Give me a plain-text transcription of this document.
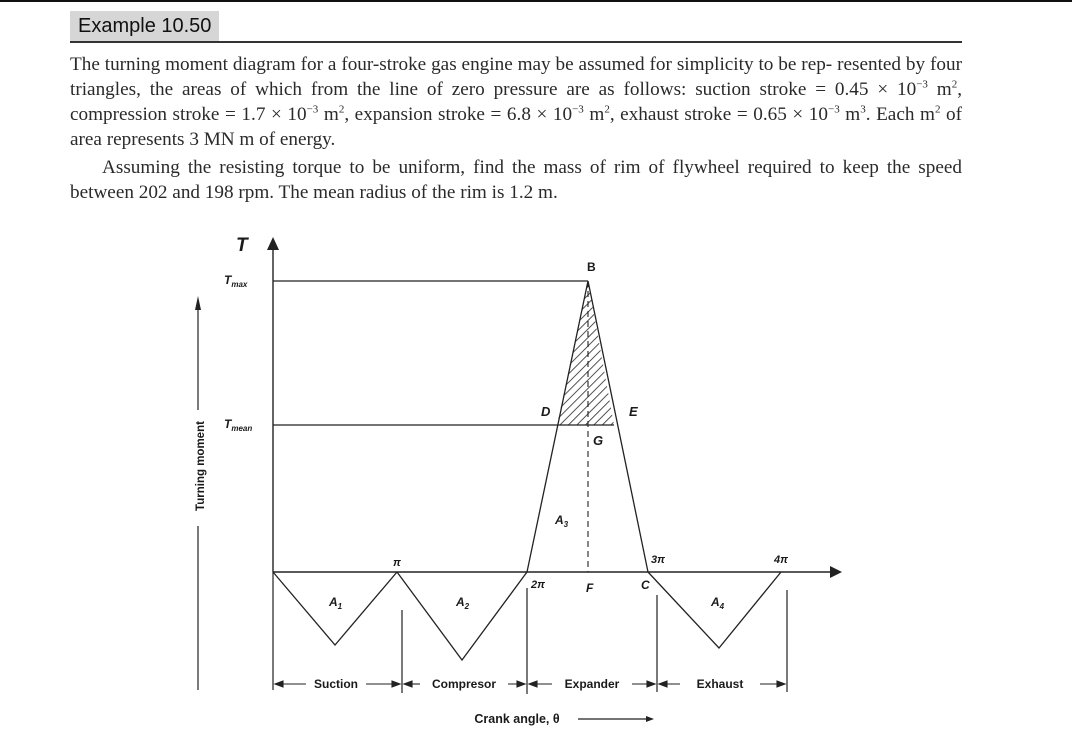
Example 10.50

The turning moment diagram for a four-stroke gas engine may be assumed for simplicity to be rep- resented by four triangles, the areas of which from the line of zero pressure are as follows: suction stroke = $0.45 \times 10^{-3}$ $m^2$, compression stroke = $1.7 \times 10^{-3}$ $m^2$, expansion stroke = $6.8 \times 10^{-3}$ $m^2$, exhaust stroke = $0.65 \times 10^{-3}$ $m^3$. Each $m^2$ of area represents 3 MN m of energy.

Assuming the resisting torque to be uniform, find the mass of rim of flywheel required to keep the speed between 202 and 198 rpm. The mean radius of the rim is 1.2 m.

T
$T_{max}$
$T_{mean}$
Turning moment
B
D	E
G
F	C
π
2π
3π	4π
$A_1$	$A_2$
$A_3$
$A_4$
Suction	Compresor	Expander	Exhaust
Crank angle, θ
